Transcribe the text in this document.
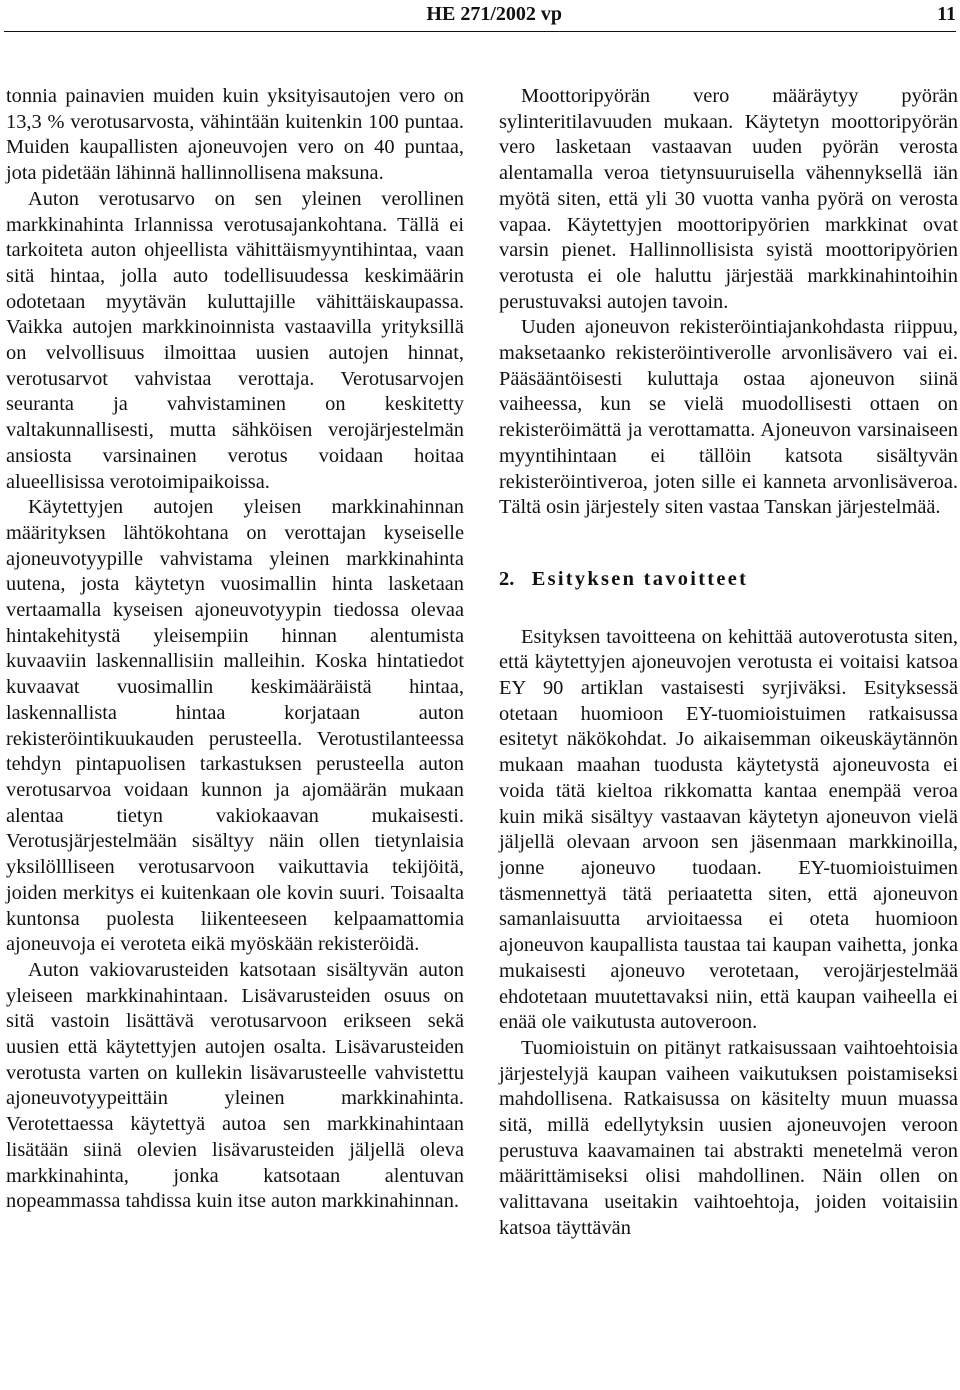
HE 271/2002 vp	11

tonnia painavien muiden kuin yksityisautojen vero on 13,3 % verotusarvosta, vähintään kuitenkin 100 puntaa. Muiden kaupallisten ajoneuvojen vero on 40 puntaa, jota pidetään lähinnä hallinnollisena maksuna.

Auton verotusarvo on sen yleinen verollinen markkinahinta Irlannissa verotusajankohtana. Tällä ei tarkoiteta auton ohjeellista vähittäismyyntihintaa, vaan sitä hintaa, jolla auto todellisuudessa keskimäärin odotetaan myytävän kuluttajille vähittäiskaupassa. Vaikka autojen markkinoinnista vastaavilla yrityksillä on velvollisuus ilmoittaa uusien autojen hinnat, verotusarvot vahvistaa verottaja. Verotusarvojen seuranta ja vahvistaminen on keskitetty valtakunnallisesti, mutta sähköisen verojärjestelmän ansiosta varsinainen verotus voidaan hoitaa alueellisissa verotoimipaikoissa.

Käytettyjen autojen yleisen markkinahinnan määrityksen lähtökohtana on verottajan kyseiselle ajoneuvotyypille vahvistama yleinen markkinahinta uutena, josta käytetyn vuosimallin hinta lasketaan vertaamalla kyseisen ajoneuvotyypin tiedossa olevaa hintakehitystä yleisempiin hinnan alentumista kuvaaviin laskennallisiin malleihin. Koska hintatiedot kuvaavat vuosimallin keskimääräistä hintaa, laskennallista hintaa korjataan auton rekisteröintikuukauden perusteella. Verotustilanteessa tehdyn pintapuolisen tarkastuksen perusteella auton verotusarvoa voidaan kunnon ja ajomäärän mukaan alentaa tietyn vakiokaavan mukaisesti. Verotusjärjestelmään sisältyy näin ollen tietynlaisia yksilöllliseen verotusarvoon vaikuttavia tekijöitä, joiden merkitys ei kuitenkaan ole kovin suuri. Toisaalta kuntonsa puolesta liikenteeseen kelpaamattomia ajoneuvoja ei veroteta eikä myöskään rekisteröidä.

Auton vakiovarusteiden katsotaan sisältyvän auton yleiseen markkinahintaan. Lisävarusteiden osuus on sitä vastoin lisättävä verotusarvoon erikseen sekä uusien että käytettyjen autojen osalta. Lisävarusteiden verotusta varten on kullekin lisävarusteelle vahvistettu ajoneuvotyypeittäin yleinen markkinahinta. Verotettaessa käytettyä autoa sen markkinahintaan lisätään siinä olevien lisävarusteiden jäljellä oleva markkinahinta, jonka katsotaan alentuvan nopeammassa tahdissa kuin itse auton markkinahinnan.

Moottoripyörän vero määräytyy pyörän sylinteritilavuuden mukaan. Käytetyn moottoripyörän vero lasketaan vastaavan uuden pyörän verosta alentamalla veroa tietynsuuruisella vähennyksellä iän myötä siten, että yli 30 vuotta vanha pyörä on verosta vapaa. Käytettyjen moottoripyörien markkinat ovat varsin pienet. Hallinnollisista syistä moottoripyörien verotusta ei ole haluttu järjestää markkinahintoihin perustuvaksi autojen tavoin.

Uuden ajoneuvon rekisteröintiajankohdasta riippuu, maksetaanko rekisteröintiverolle arvonlisävero vai ei. Pääsääntöisesti kuluttaja ostaa ajoneuvon siinä vaiheessa, kun se vielä muodollisesti ottaen on rekisteröimättä ja verottamatta. Ajoneuvon varsinaiseen myyntihintaan ei tällöin katsota sisältyvän rekisteröintiveroa, joten sille ei kanneta arvonlisäveroa. Tältä osin järjestely siten vastaa Tanskan järjestelmää.

2. Esityksen tavoitteet

Esityksen tavoitteena on kehittää autoverotusta siten, että käytettyjen ajoneuvojen verotusta ei voitaisi katsoa EY 90 artiklan vastaisesti syrjiväksi. Esityksessä otetaan huomioon EY-tuomioistuimen ratkaisussa esitetyt näkökohdat. Jo aikaisemman oikeuskäytännön mukaan maahan tuodusta käytetystä ajoneuvosta ei voida tätä kieltoa rikkomatta kantaa enempää veroa kuin mikä sisältyy vastaavan käytetyn ajoneuvon vielä jäljellä olevaan arvoon sen jäsenmaan markkinoilla, jonne ajoneuvo tuodaan. EY-tuomioistuimen täsmennettyä tätä periaatetta siten, että ajoneuvon samanlaisuutta arvioitaessa ei oteta huomioon ajoneuvon kaupallista taustaa tai kaupan vaihetta, jonka mukaisesti ajoneuvo verotetaan, verojärjestelmää ehdotetaan muutettavaksi niin, että kaupan vaiheella ei enää ole vaikutusta autoveroon.

Tuomioistuin on pitänyt ratkaisussaan vaihtoehtoisia järjestelyjä kaupan vaiheen vaikutuksen poistamiseksi mahdollisena. Ratkaisussa on käsitelty muun muassa sitä, millä edellytyksin uusien ajoneuvojen veroon perustuva kaavamainen tai abstrakti menetelmä veron määrittämiseksi olisi mahdollinen. Näin ollen on valittavana useitakin vaihtoehtoja, joiden voitaisiin katsoa täyttävän
